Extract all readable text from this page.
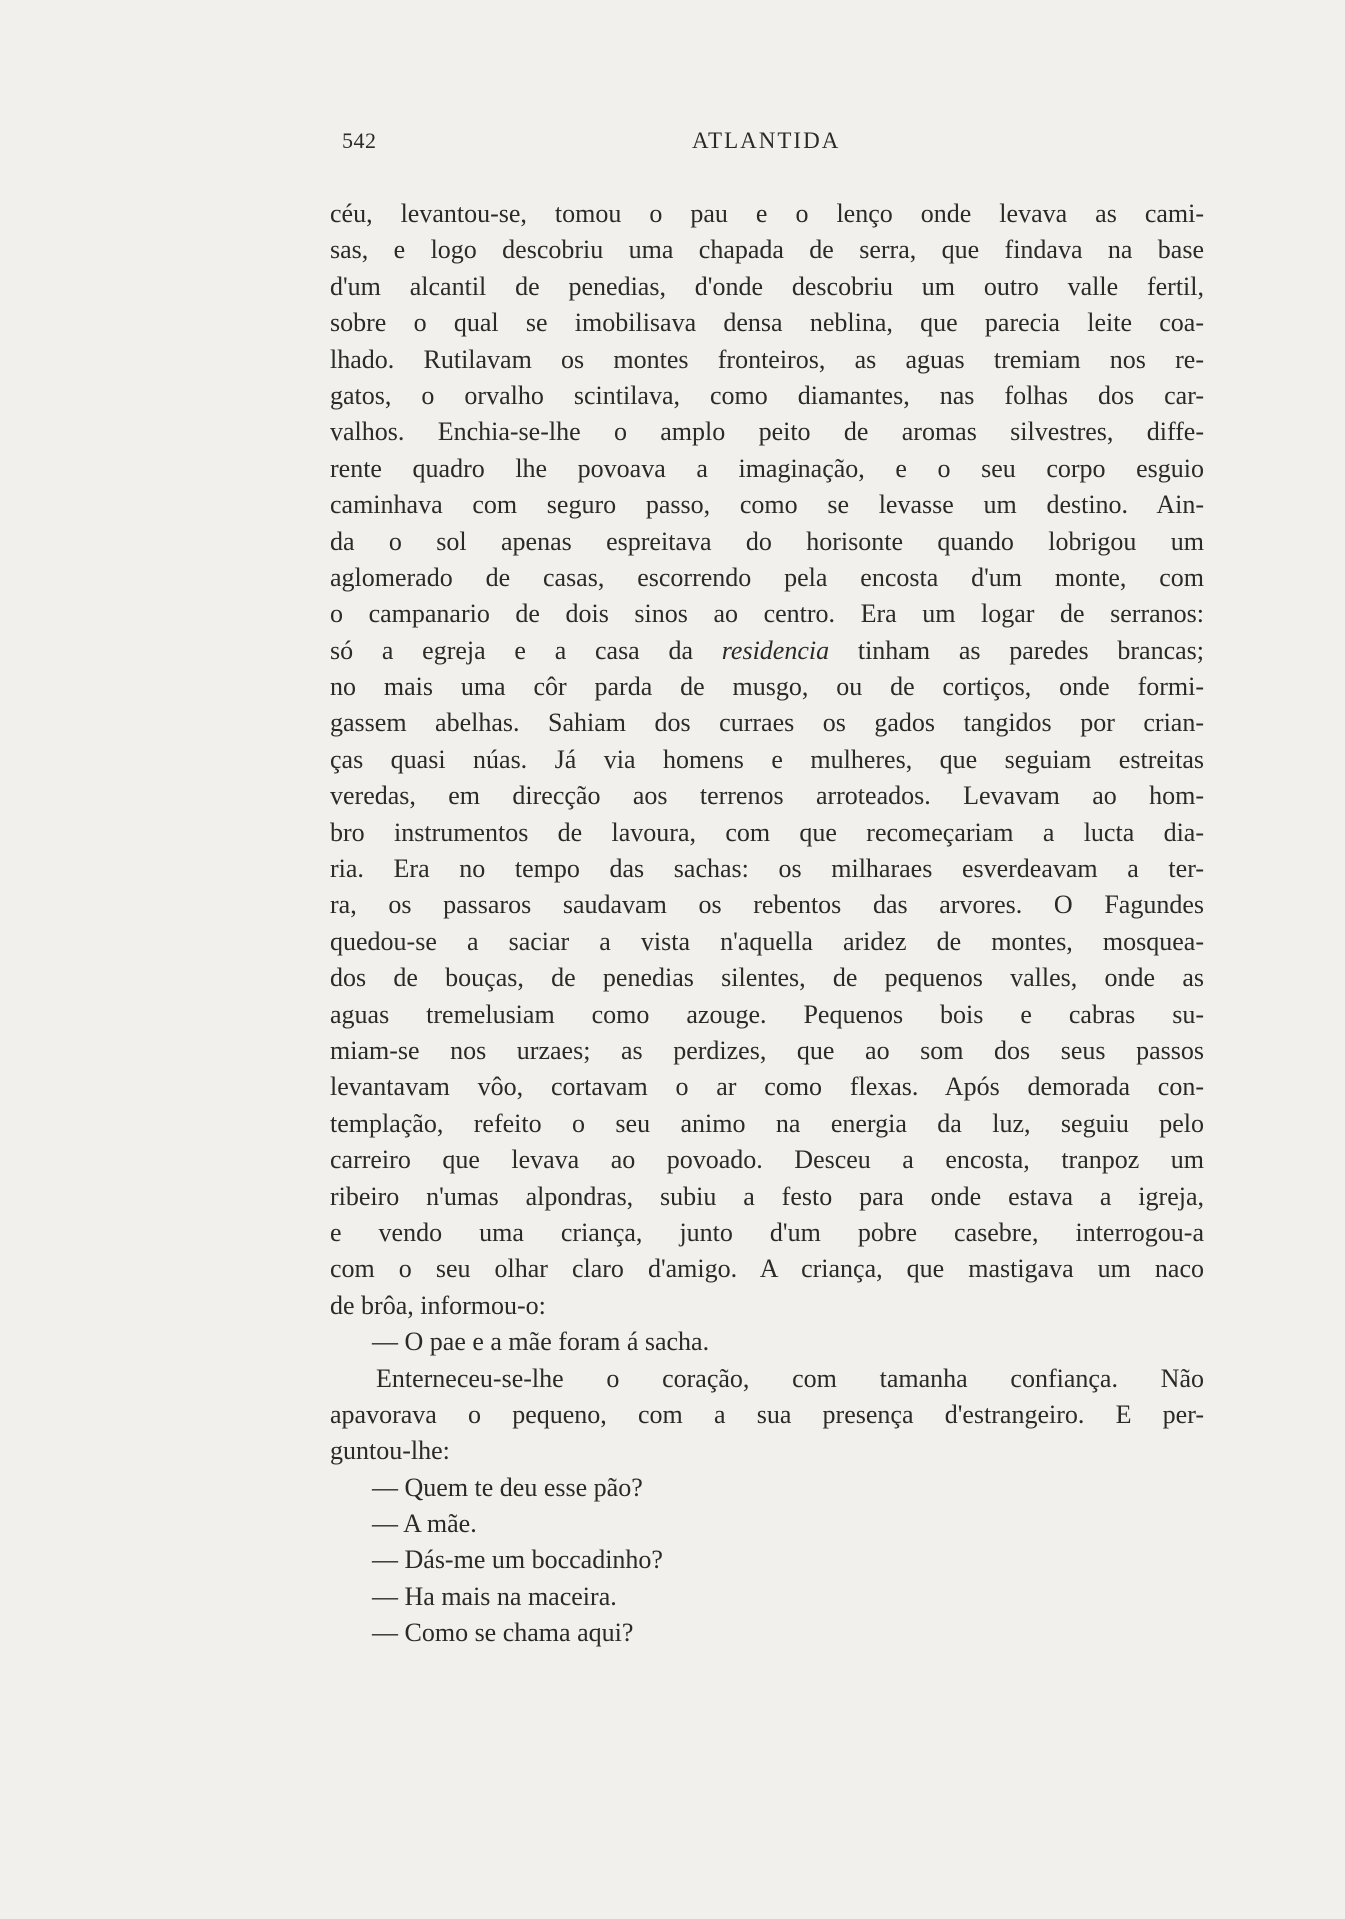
542	ATLANTIDA
céu, levantou-se, tomou o pau e o lenço onde levava as cami-
sas, e logo descobriu uma chapada de serra, que findava na base
d'um alcantil de penedias, d'onde descobriu um outro valle fertil,
sobre o qual se imobilisava densa neblina, que parecia leite coa-
lhado. Rutilavam os montes fronteiros, as aguas tremiam nos re-
gatos, o orvalho scintilava, como diamantes, nas folhas dos car-
valhos. Enchia-se-lhe o amplo peito de aromas silvestres, diffe-
rente quadro lhe povoava a imaginação, e o seu corpo esguio
caminhava com seguro passo, como se levasse um destino. Ain-
da o sol apenas espreitava do horisonte quando lobrigou um
aglomerado de casas, escorrendo pela encosta d'um monte, com
o campanario de dois sinos ao centro. Era um logar de serranos:
só a egreja e a casa da residencia tinham as paredes brancas;
no mais uma côr parda de musgo, ou de cortiços, onde formi-
gassem abelhas. Sahiam dos curraes os gados tangidos por crian-
ças quasi núas. Já via homens e mulheres, que seguiam estreitas
veredas, em direcção aos terrenos arroteados. Levavam ao hom-
bro instrumentos de lavoura, com que recomeçariam a lucta dia-
ria. Era no tempo das sachas: os milharaes esverdeavam a ter-
ra, os passaros saudavam os rebentos das arvores. O Fagundes
quedou-se a saciar a vista n'aquella aridez de montes, mosquea-
dos de bouças, de penedias silentes, de pequenos valles, onde as
aguas tremelusiam como azouge. Pequenos bois e cabras su-
miam-se nos urzaes; as perdizes, que ao som dos seus passos
levantavam vôo, cortavam o ar como flexas. Após demorada con-
templação, refeito o seu animo na energia da luz, seguiu pelo
carreiro que levava ao povoado. Desceu a encosta, tranpoz um
ribeiro n'umas alpondras, subiu a festo para onde estava a igreja,
e vendo uma criança, junto d'um pobre casebre, interrogou-a
com o seu olhar claro d'amigo. A criança, que mastigava um naco
de brôa, informou-o:
— O pae e a mãe foram á sacha.
Enterneceu-se-lhe o coração, com tamanha confiança. Não
apavorava o pequeno, com a sua presença d'estrangeiro. E per-
guntou-lhe:
— Quem te deu esse pão?
— A mãe.
— Dás-me um boccadinho?
— Ha mais na maceira.
— Como se chama aqui?
